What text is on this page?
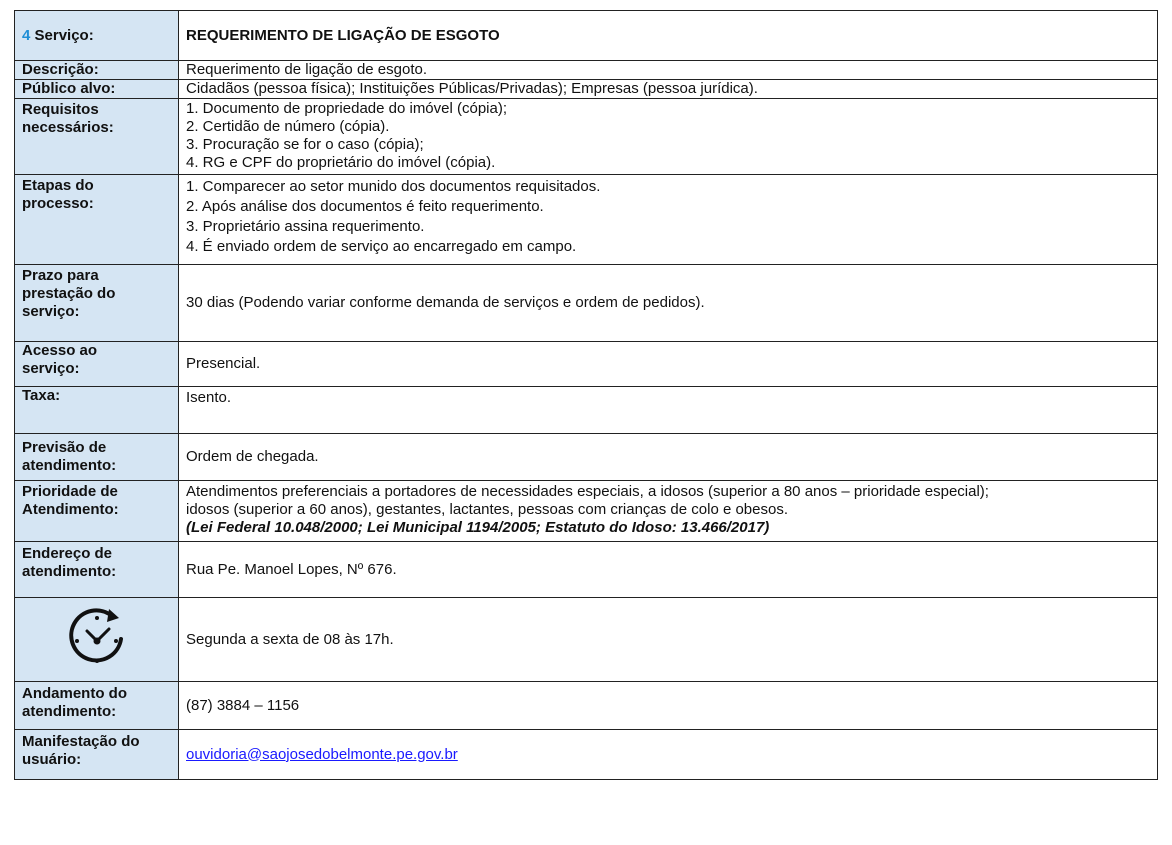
4 Serviço:	REQUERIMENTO DE LIGAÇÃO DE ESGOTO
Descrição:	Requerimento de ligação de esgoto.
Público alvo:	Cidadãos (pessoa física); Instituições Públicas/Privadas); Empresas (pessoa jurídica).

Requisitos
necessários:	1. Documento de propriedade do imóvel (cópia);
2. Certidão de número (cópia).
3. Procuração se for o caso (cópia);
4. RG e CPF do proprietário do imóvel (cópia).

Etapas do
processo:	1. Comparecer ao setor munido dos documentos requisitados.
2. Após análise dos documentos é feito requerimento.
3. Proprietário assina requerimento.
4. É enviado ordem de serviço ao encarregado em campo.

Prazo para
prestação do
serviço:	30 dias (Podendo variar conforme demanda de serviços e ordem de pedidos).

Acesso ao
serviço:	Presencial.
Taxa:	Isento.

Previsão de
atendimento:	Ordem de chegada.

Prioridade de
Atendimento:	Atendimentos preferenciais a portadores de necessidades especiais, a idosos (superior a 80 anos – prioridade especial);
idosos (superior a 60 anos), gestantes, lactantes, pessoas com crianças de colo e obesos.
(Lei Federal 10.048/2000; Lei Municipal 1194/2005; Estatuto do Idoso: 13.466/2017)

Endereço de
atendimento:	Rua Pe. Manoel Lopes, Nº 676.
	Segunda a sexta de 08 às 17h.

Andamento do
atendimento:	(87) 3884 – 1156

Manifestação do
usuário:	ouvidoria@saojosedobelmonte.pe.gov.br
